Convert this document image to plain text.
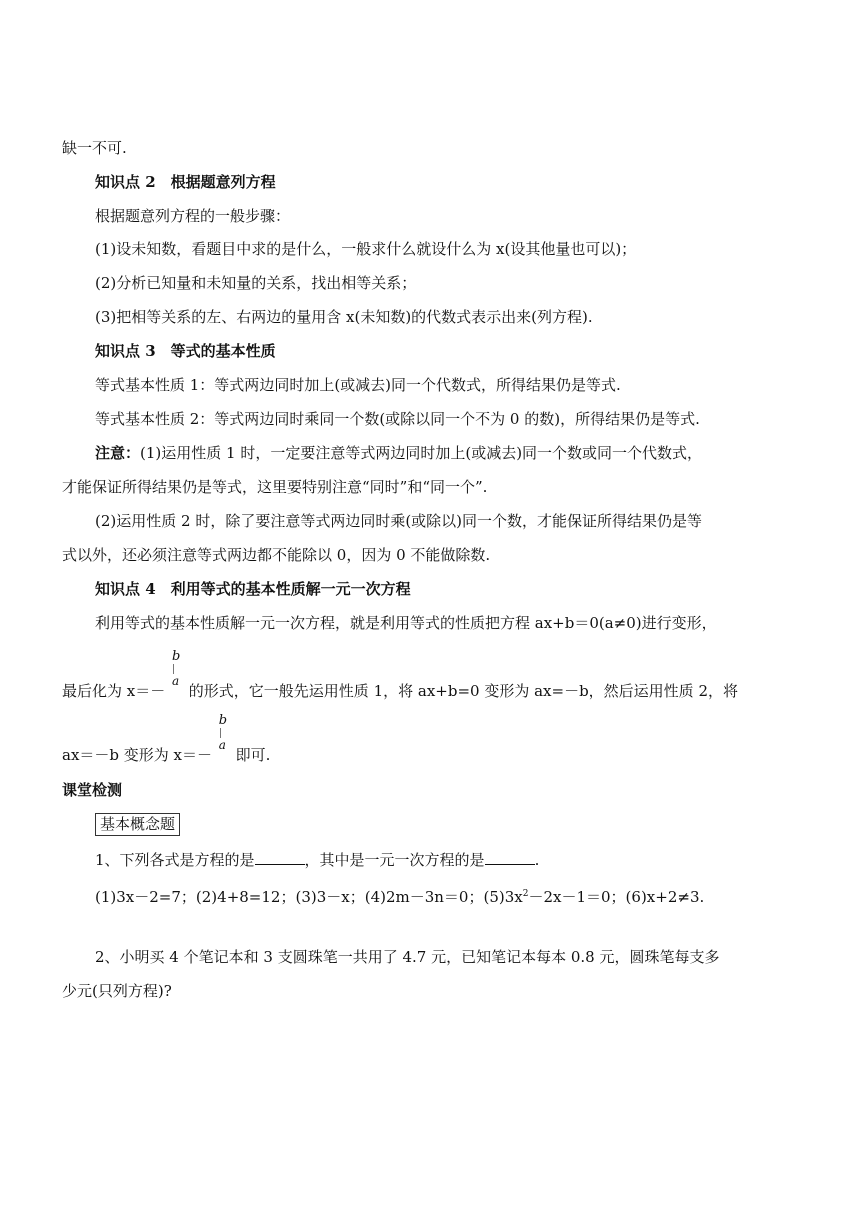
缺一不可.
知识点 2　根据题意列方程
根据题意列方程的一般步骤：
(1)设未知数，看题目中求的是什么，一般求什么就设什么为 x(设其他量也可以)；
(2)分析已知量和未知量的关系，找出相等关系；
(3)把相等关系的左、右两边的量用含 x(未知数)的代数式表示出来(列方程).
知识点 3　等式的基本性质
等式基本性质 1：等式两边同时加上(或减去)同一个代数式，所得结果仍是等式.
等式基本性质 2：等式两边同时乘同一个数(或除以同一个不为 0 的数)，所得结果仍是等式.
注意：(1)运用性质 1 时，一定要注意等式两边同时加上(或减去)同一个数或同一个代数式，
才能保证所得结果仍是等式，这里要特别注意“同时”和“同一个”.
(2)运用性质 2 时，除了要注意等式两边同时乘(或除以)同一个数，才能保证所得结果仍是等
式以外，还必须注意等式两边都不能除以 0，因为 0 不能做除数.
知识点 4　利用等式的基本性质解一元一次方程
利用等式的基本性质解一元一次方程，就是利用等式的性质把方程 ax+b＝0(a≠0)进行变形，
最后化为 x＝－
b
a
的形式，它一般先运用性质 1，将 ax+b=0 变形为 ax=－b，然后运用性质 2，将
ax＝－b 变形为 x＝－
b
a
即可.
课堂检测
基本概念题
1、下列各式是方程的是	，其中是一元一次方程的是	.
(1)3x－2=7；(2)4+8=12；(3)3－x；(4)2m－3n＝0；$(5)3x^2-2x-1=0$；(6)x+2≠3.
2、小明买 4 个笔记本和 3 支圆珠笔一共用了 4.7 元，已知笔记本每本 0.8 元，圆珠笔每支多
少元(只列方程)?
